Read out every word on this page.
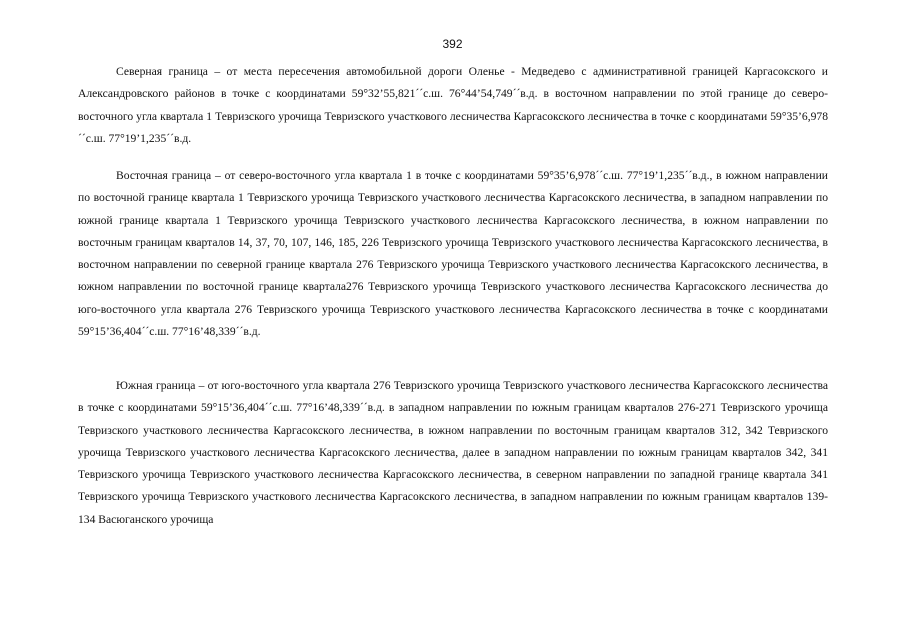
392

Северная граница – от места пересечения автомобильной дороги Оленье - Медведево с административной границей Каргасокского и Александровского районов в точке с координатами 59°32’55,821´´с.ш. 76°44’54,749´´в.д. в восточном направлении по этой границе до северо-восточного угла квартала 1 Тевризского урочища Тевризского участкового лесничества Каргасокского лесничества в точке с координатами 59°35’6,978´´с.ш. 77°19’1,235´´в.д.

Восточная граница – от северо-восточного угла квартала 1 в точке с координатами 59°35’6,978´´с.ш. 77°19’1,235´´в.д., в южном направлении по восточной границе квартала 1 Тевризского урочища Тевризского участкового лесничества Каргасокского лесничества, в западном направлении по южной границе квартала 1 Тевризского урочища Тевризского участкового лесничества Каргасокского лесничества, в южном направлении по восточным границам кварталов 14, 37, 70, 107, 146, 185, 226 Тевризского урочища Тевризского участкового лесничества Каргасокского лесничества, в восточном направлении по северной границе квартала 276 Тевризского урочища Тевризского участкового лесничества Каргасокского лесничества, в южном направлении по восточной границе квартала276 Тевризского урочища Тевризского участкового лесничества Каргасокского лесничества до юго-восточного угла квартала 276 Тевризского урочища Тевризского участкового лесничества Каргасокского лесничества в точке с координатами 59°15’36,404´´с.ш. 77°16’48,339´´в.д.

Южная граница – от юго-восточного угла квартала 276 Тевризского урочища Тевризского участкового лесничества Каргасокского лесничества в точке с координатами 59°15’36,404´´с.ш. 77°16’48,339´´в.д. в западном направлении по южным границам кварталов 276-271 Тевризского урочища Тевризского участкового лесничества Каргасокского лесничества, в южном направлении по восточным границам кварталов 312, 342 Тевризского урочища Тевризского участкового лесничества Каргасокского лесничества, далее в западном направлении по южным границам кварталов 342, 341 Тевризского урочища Тевризского участкового лесничества Каргасокского лесничества, в северном направлении по западной границе квартала 341 Тевризского урочища Тевризского участкового лесничества Каргасокского лесничества, в западном направлении по южным границам кварталов 139-134 Васюганского урочища
